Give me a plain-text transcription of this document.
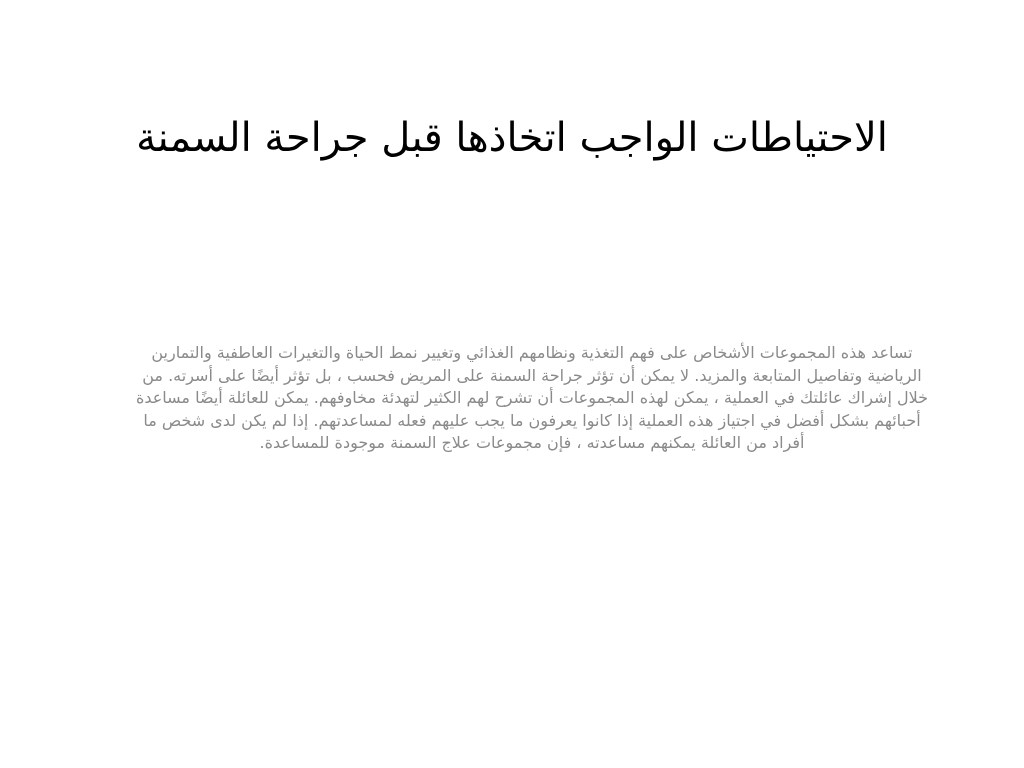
الاحتياطات الواجب اتخاذها قبل جراحة السمنة

تساعد هذه المجموعات الأشخاص على فهم التغذية ونظامهم الغذائي وتغيير نمط الحياة والتغيرات العاطفية والتمارين الرياضية وتفاصيل المتابعة والمزيد. لا يمكن أن تؤثر جراحة السمنة على المريض فحسب ، بل تؤثر أيضًا على أسرته. من خلال إشراك عائلتك في العملية ، يمكن لهذه المجموعات أن تشرح لهم الكثير لتهدئة مخاوفهم. يمكن للعائلة أيضًا مساعدة أحبائهم بشكل أفضل في اجتياز هذه العملية إذا كانوا يعرفون ما يجب عليهم فعله لمساعدتهم. إذا لم يكن لدى شخص ما أفراد من العائلة يمكنهم مساعدته ، فإن مجموعات علاج السمنة موجودة للمساعدة.
